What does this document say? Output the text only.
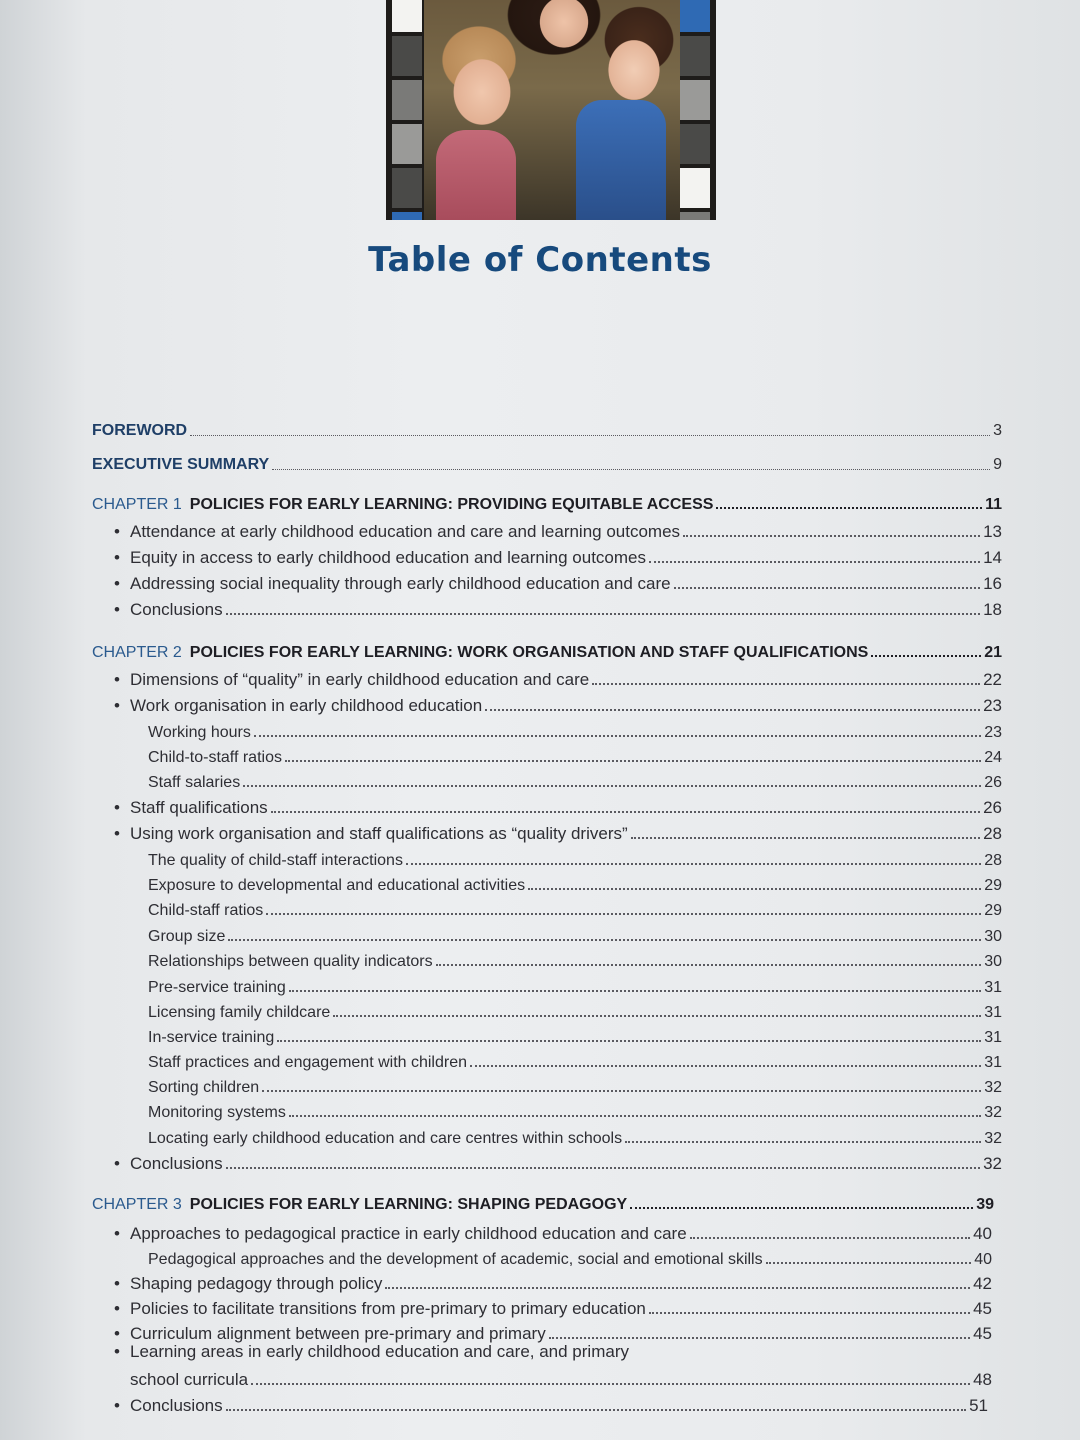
Table of Contents
FOREWORD	3
EXECUTIVE SUMMARY	9
CHAPTER 1 POLICIES FOR EARLY LEARNING: PROVIDING EQUITABLE ACCESS	11
• Attendance at early childhood education and care and learning outcomes	13
• Equity in access to early childhood education and learning outcomes	14
• Addressing social inequality through early childhood education and care	16
• Conclusions	18
CHAPTER 2 POLICIES FOR EARLY LEARNING: WORK ORGANISATION AND STAFF QUALIFICATIONS	21
• Dimensions of “quality” in early childhood education and care	22
• Work organisation in early childhood education	23
Working hours	23
Child-to-staff ratios	24
Staff salaries	26
• Staff qualifications	26
• Using work organisation and staff qualifications as “quality drivers”	28
The quality of child-staff interactions	28
Exposure to developmental and educational activities	29
Child-staff ratios	29
Group size	30
Relationships between quality indicators	30
Pre-service training	31
Licensing family childcare	31
In-service training	31
Staff practices and engagement with children	31
Sorting children	32
Monitoring systems	32
Locating early childhood education and care centres within schools	32
• Conclusions	32
CHAPTER 3 POLICIES FOR EARLY LEARNING: SHAPING PEDAGOGY	39
• Approaches to pedagogical practice in early childhood education and care	40
Pedagogical approaches and the development of academic, social and emotional skills	40
• Shaping pedagogy through policy	42
• Policies to facilitate transitions from pre-primary to primary education	45
• Curriculum alignment between pre-primary and primary	45
• Learning areas in early childhood education and care, and primary
school curricula	48
• Conclusions	51
